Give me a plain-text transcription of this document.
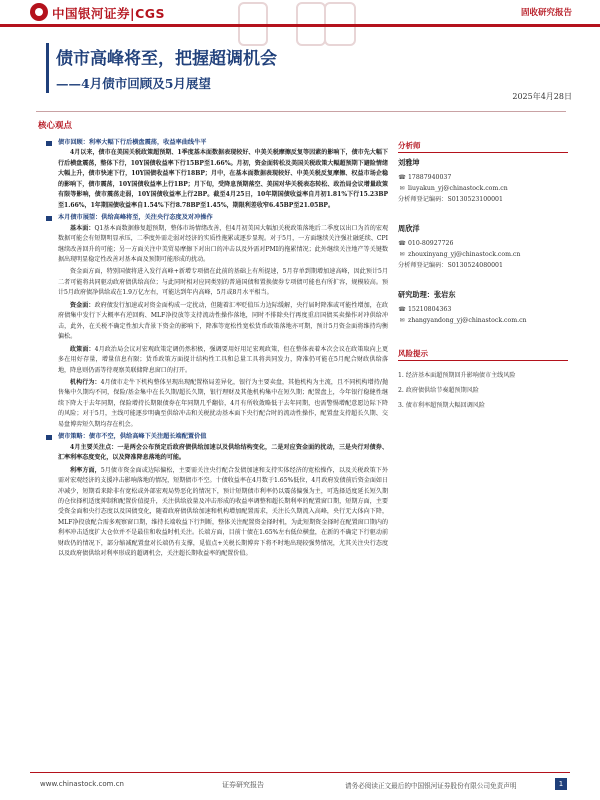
中国银河证券|CGS	固收研究报告
债市高峰将至，把握超调机会
——4月债市回顾及5月展望
2025年4月28日
核心观点
债市回顾：利率大幅下行后横盘震荡，收益率曲线牛平
4月以来，债市在美国关税政策超预期、1季度基本面数据表现较好、中美关税摩擦反复等因素的影响下，债市先大幅下行后横盘震荡，整体下行，10Y国债收益率下行15BP至1.66%。月初，资金面转松及美国关税政策大幅超预期下避险情绪大幅上升，债市快速下行，10Y国债收益率下行18BP；月中，在基本面数据表现较好、中美关税反复摩擦、权益市场企稳的影响下，债市震荡，10Y国债收益率上行1BP；月下旬，受降息预期落空、美国对华关税表态转松、政治局会议增量政策有限等影响，债市震荡走弱，10Y国债收益率上行2BP。截至4月25日，10年期国债收益率自月初1.81%下行15.23BP至1.66%，1年期国债收益率自1.54%下行8.78BP至1.45%，期限利差收窄6.45BP至21.05BP。
本月债市展望：供给高峰将至，关注央行态度及对冲操作
基本面：Q1基本面数据修复超预期，整体市场情绪改善，但4月初美国大幅加关税政策落地后二季度以出口为首的宏观数据可能会有短期明显承压，二季度外需走弱对经济的实质性拖累或逐步显现。对于5月，一方面继续关注强社融延续、CPI继续改善回升的可能；另一方面关注中美贸易摩擦下对出口的冲击以及外需对PMI的拖累情况；此外继续关注地产等关键数据出现明显稳定性改善对基本面及预期可能形成的扰动。
资金面方面，特别国债将进入发行高峰+新增专项债在此前的基础上有所提速，5月存单到期增加速高峰，因此预计5月二者可能将共同驱动政府债供给高位；与此同时相对应同类别的普通国债和置换债券专项债可能也有所扩容，规模较高。预计5月政府债净供给或在1.9万亿左右，可能达到年内高峰，5月或8月水平相当。
资金面：政府债发行加速或对资金面构成一定扰动，但随着汇率贬值压力边际缓解，央行届时降准或可能性增加，在政府债集中发行下大概率有逆回购、MLF净投放等支持流动性操作落地，同时不排除央行再度重启国债买卖操作对冲供给冲击，此外，在关税不确定性加大背景下资金的影响下，降准等宽松性宽松货币政策落地亦可期，预计5月资金面将维持均衡偏松。
政策面：4月政治局会议对宏观政策定调仍然积极，强调要用好用足宏观政策，但在整体表着本次会议在政策取向上更多在用好存量，增量信息有限；货币政策方面提计结构性工具和总量工具将共同发力，降准仍可能在5月配合财政供给落地，降息则仍需等待观察美联储降息窗口的打开。
机构行为：4月债市走牛下机构整体呈现出现配置格局差异化，银行为主要卖盘，其他机构为主流，且不同机构增持/抛售集中久期均不同，保险/基金集中在长久期/超长久期，银行理财及其他机构集中在短久期；配置盘上，今年银行稳健性继续下降大于去年同期，保险增持长期限债券在年同期几乎翻倍，4月有所收敛略低于去年同期，也需警惕增配意愿边际下降的风险；对于5月，主线可能逐步明确至供给冲击和关税扰动基本面下央行配合时的流动性操作，配置盘支持超长久期、交易盘博弈短久期均存在机会。
债市策略：债市不空，供给高峰下关注超长端配置价值
4月主要关注点：一是两会公布预定后政府债供给加速以及供给结构变化，二是对应资金面的扰动，三是央行对债券、汇率利率态度变化，以及降准降息落地的可能。
利率方面，5月债市资金面或边际偏松，主要需关注央行配合发债加速和支持实体经济的宽松操作，以及关税政策下外需对宏观经济的支援冲击影响落地的情况，短期债市不空。十债收益率在4月数于1.65%低位，4月政府发债前后资金面如日冲减少，短期看来除非有宽松或外部宏观局势恶化的情况下，预计短期债市利率仍以震荡偏强为主，可选择适度延长短久期的仓位择机适度抑制和配置价值提升，关注供给放量及冲击形成的收益率调整和超长期利率的配置窗口期，短期方面，主要受资金面和央行态度以及国债变化，随着政府债供给加速和机构增加配置需求，关注长久期流入高峰，央行无大体向下降，MLF净投放配合需多观察窗口期，维持长端收益下行判断，整体关注配置资金择时机，为此短期资金择时在配置窗口期内的利率冲击适度扩大仓位并不是最佳和收益时机关注。长端方面，目前十债在1.65%左右低位横盘，在新的不确定下行驱动前财政仍的情况下，部分缩减配置盘对长端仍有支撑，觅值点+关税长期博弈下将不时地出现较强势情况，尤其关注央行态度以及政府债供给对利率形成的超调机会，关注超长期收益率的配置价值。
分析师
刘雅坤
☎ 17887940037
✉ liuyakun_yj@chinastock.com.cn
分析师登记编码：S0130523100001
周欣洋
☎ 010-80927726
✉ zhouxinyang_yj@chinastock.com.cn
分析师登记编码：S0130524080001
研究助理：张岩东
☎ 15210804363
✉ zhangyandong_yj@chinastock.com.cn
风险提示
1. 经济基本面超预期回升影响债市主线风险
2. 政府债供给节奏超预期风险
3. 债市利率超预期大幅回调风险
www.chinastock.com.cn	证券研究报告	请务必阅读正文最后的中国银河证券股份有限公司免责声明	1
